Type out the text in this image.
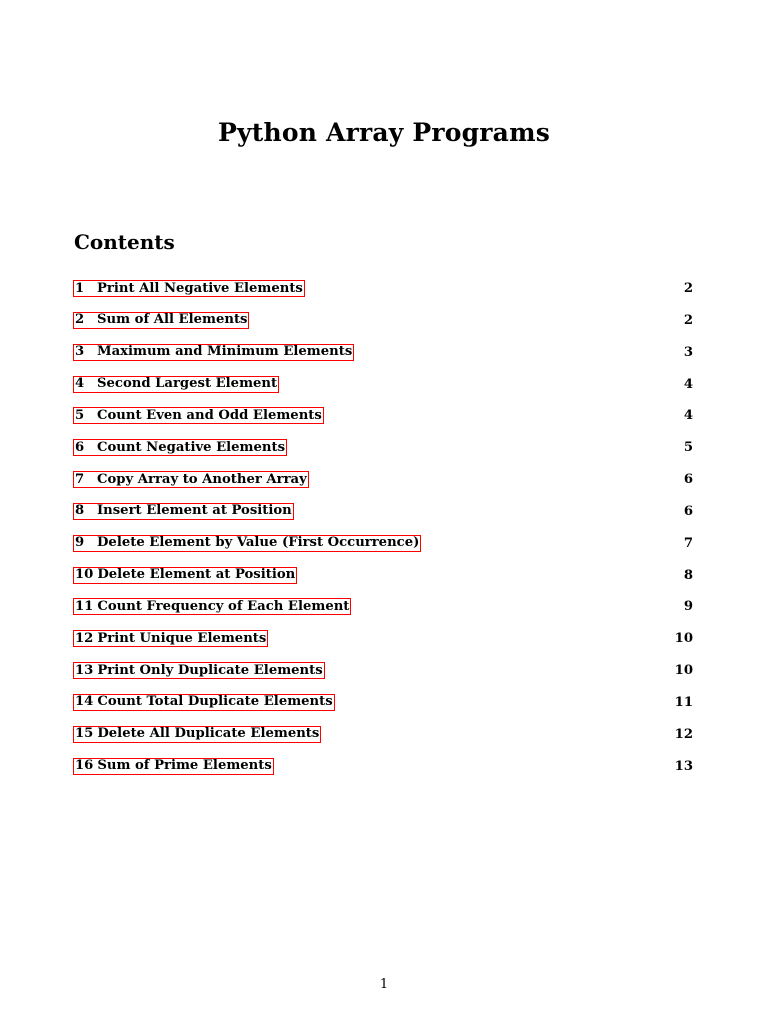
Python Array Programs
Contents
1 Print All Negative Elements	2
2 Sum of All Elements	2
3 Maximum and Minimum Elements	3
4 Second Largest Element	4
5 Count Even and Odd Elements	4
6 Count Negative Elements	5
7 Copy Array to Another Array	6
8 Insert Element at Position	6
9 Delete Element by Value (First Occurrence)	7
10 Delete Element at Position	8
11 Count Frequency of Each Element	9
12 Print Unique Elements	10
13 Print Only Duplicate Elements	10
14 Count Total Duplicate Elements	11
15 Delete All Duplicate Elements	12
16 Sum of Prime Elements	13
1
